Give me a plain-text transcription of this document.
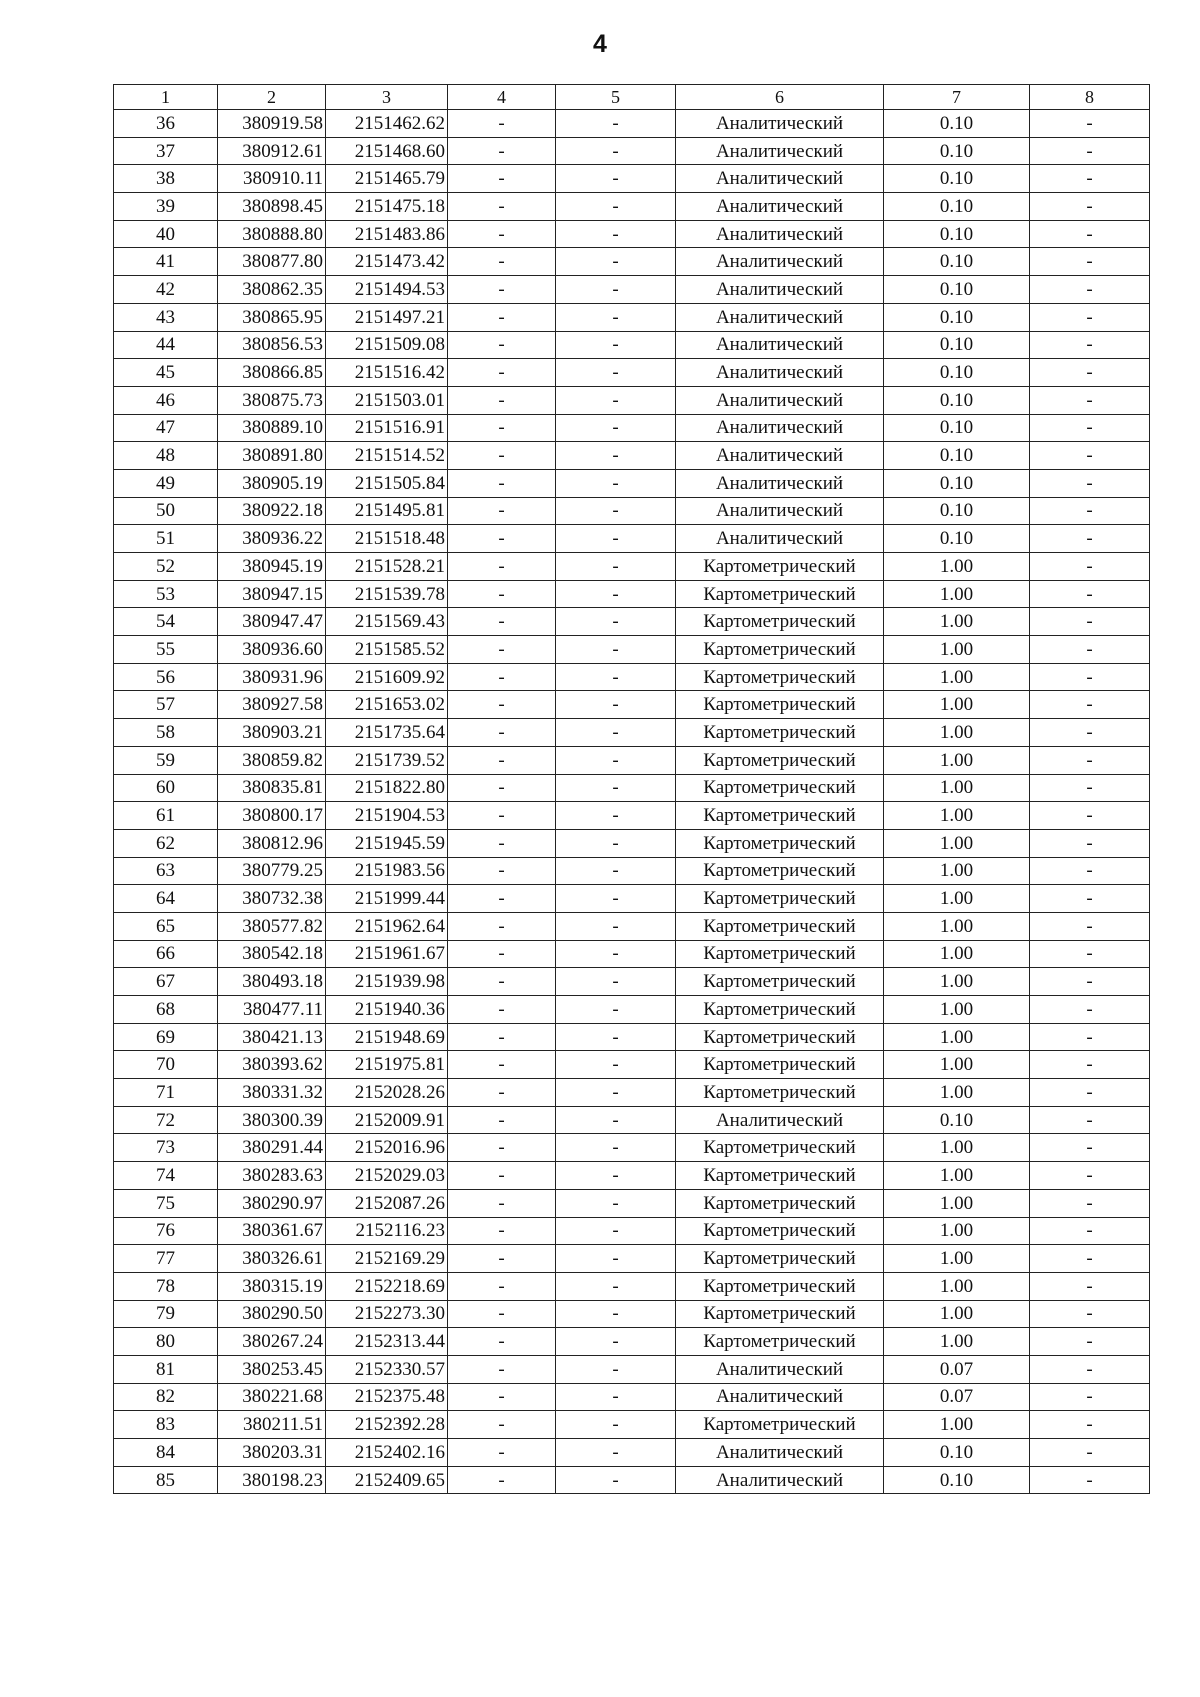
4
1	2	3	4	5	6	7	8
36	380919.58	2151462.62	-	-	Аналитический	0.10	-
37	380912.61	2151468.60	-	-	Аналитический	0.10	-
38	380910.11	2151465.79	-	-	Аналитический	0.10	-
39	380898.45	2151475.18	-	-	Аналитический	0.10	-
40	380888.80	2151483.86	-	-	Аналитический	0.10	-
41	380877.80	2151473.42	-	-	Аналитический	0.10	-
42	380862.35	2151494.53	-	-	Аналитический	0.10	-
43	380865.95	2151497.21	-	-	Аналитический	0.10	-
44	380856.53	2151509.08	-	-	Аналитический	0.10	-
45	380866.85	2151516.42	-	-	Аналитический	0.10	-
46	380875.73	2151503.01	-	-	Аналитический	0.10	-
47	380889.10	2151516.91	-	-	Аналитический	0.10	-
48	380891.80	2151514.52	-	-	Аналитический	0.10	-
49	380905.19	2151505.84	-	-	Аналитический	0.10	-
50	380922.18	2151495.81	-	-	Аналитический	0.10	-
51	380936.22	2151518.48	-	-	Аналитический	0.10	-
52	380945.19	2151528.21	-	-	Картометрический	1.00	-
53	380947.15	2151539.78	-	-	Картометрический	1.00	-
54	380947.47	2151569.43	-	-	Картометрический	1.00	-
55	380936.60	2151585.52	-	-	Картометрический	1.00	-
56	380931.96	2151609.92	-	-	Картометрический	1.00	-
57	380927.58	2151653.02	-	-	Картометрический	1.00	-
58	380903.21	2151735.64	-	-	Картометрический	1.00	-
59	380859.82	2151739.52	-	-	Картометрический	1.00	-
60	380835.81	2151822.80	-	-	Картометрический	1.00	-
61	380800.17	2151904.53	-	-	Картометрический	1.00	-
62	380812.96	2151945.59	-	-	Картометрический	1.00	-
63	380779.25	2151983.56	-	-	Картометрический	1.00	-
64	380732.38	2151999.44	-	-	Картометрический	1.00	-
65	380577.82	2151962.64	-	-	Картометрический	1.00	-
66	380542.18	2151961.67	-	-	Картометрический	1.00	-
67	380493.18	2151939.98	-	-	Картометрический	1.00	-
68	380477.11	2151940.36	-	-	Картометрический	1.00	-
69	380421.13	2151948.69	-	-	Картометрический	1.00	-
70	380393.62	2151975.81	-	-	Картометрический	1.00	-
71	380331.32	2152028.26	-	-	Картометрический	1.00	-
72	380300.39	2152009.91	-	-	Аналитический	0.10	-
73	380291.44	2152016.96	-	-	Картометрический	1.00	-
74	380283.63	2152029.03	-	-	Картометрический	1.00	-
75	380290.97	2152087.26	-	-	Картометрический	1.00	-
76	380361.67	2152116.23	-	-	Картометрический	1.00	-
77	380326.61	2152169.29	-	-	Картометрический	1.00	-
78	380315.19	2152218.69	-	-	Картометрический	1.00	-
79	380290.50	2152273.30	-	-	Картометрический	1.00	-
80	380267.24	2152313.44	-	-	Картометрический	1.00	-
81	380253.45	2152330.57	-	-	Аналитический	0.07	-
82	380221.68	2152375.48	-	-	Аналитический	0.07	-
83	380211.51	2152392.28	-	-	Картометрический	1.00	-
84	380203.31	2152402.16	-	-	Аналитический	0.10	-
85	380198.23	2152409.65	-	-	Аналитический	0.10	-
